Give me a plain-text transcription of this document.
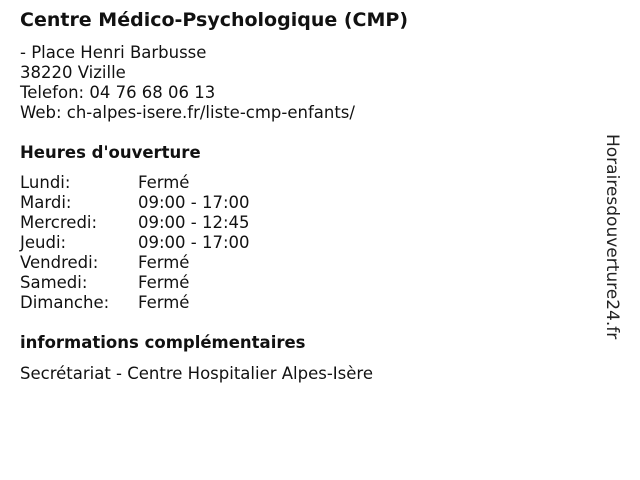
Centre Médico-Psychologique (CMP)
- Place Henri Barbusse
38220 Vizille
Telefon: 04 76 68 06 13
Web: ch-alpes-isere.fr/liste-cmp-enfants/
Heures d'ouverture
Lundi:	Fermé
Mardi:	09:00 - 17:00
Mercredi:	09:00 - 12:45
Jeudi:	09:00 - 17:00
Vendredi:	Fermé
Samedi:	Fermé
Dimanche:	Fermé
informations complémentaires
Secrétariat - Centre Hospitalier Alpes-Isère
Horairesdouverture24.fr
